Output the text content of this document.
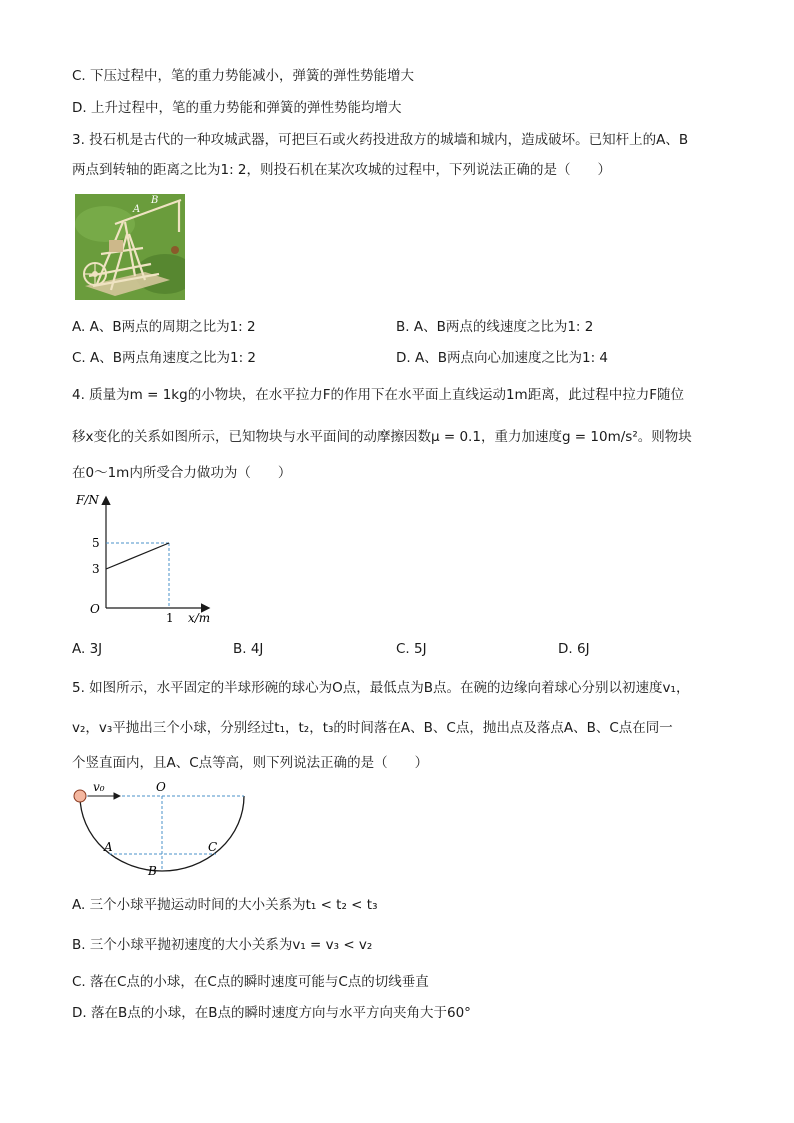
C. 下压过程中，笔的重力势能减小，弹簧的弹性势能增大
D. 上升过程中，笔的重力势能和弹簧的弹性势能均增大
3. 投石机是古代的一种攻城武器，可把巨石或火药投进敌方的城墙和城内，造成破坏。已知杆上的A、B
两点到转轴的距离之比为1: 2，则投石机在某次攻城的过程中，下列说法正确的是（　　）
A
B
A. A、B两点的周期之比为1: 2	B. A、B两点的线速度之比为1: 2
C. A、B两点角速度之比为1: 2	D. A、B两点向心加速度之比为1: 4
4. 质量为m = 1kg的小物块，在水平拉力F的作用下在水平面上直线运动1m距离，此过程中拉力F随位
移x变化的关系如图所示，已知物块与水平面间的动摩擦因数μ = 0.1，重力加速度g = 10m/s²。则物块
在0～1m内所受合力做功为（　　）
F/N
x/m
O
3
5
1
A. 3J	B. 4J	C. 5J	D. 6J
5. 如图所示，水平固定的半球形碗的球心为O点，最低点为B点。在碗的边缘向着球心分别以初速度v₁，
v₂，v₃平抛出三个小球，分别经过t₁，t₂，t₃的时间落在A、B、C点，抛出点及落点A、B、C点在同一
个竖直面内，且A、C点等高，则下列说法正确的是（　　）
v₀	O
A	C
B
A. 三个小球平抛运动时间的大小关系为t₁ < t₂ < t₃
B. 三个小球平抛初速度的大小关系为v₁ = v₃ < v₂
C. 落在C点的小球，在C点的瞬时速度可能与C点的切线垂直
D. 落在B点的小球，在B点的瞬时速度方向与水平方向夹角大于60°
